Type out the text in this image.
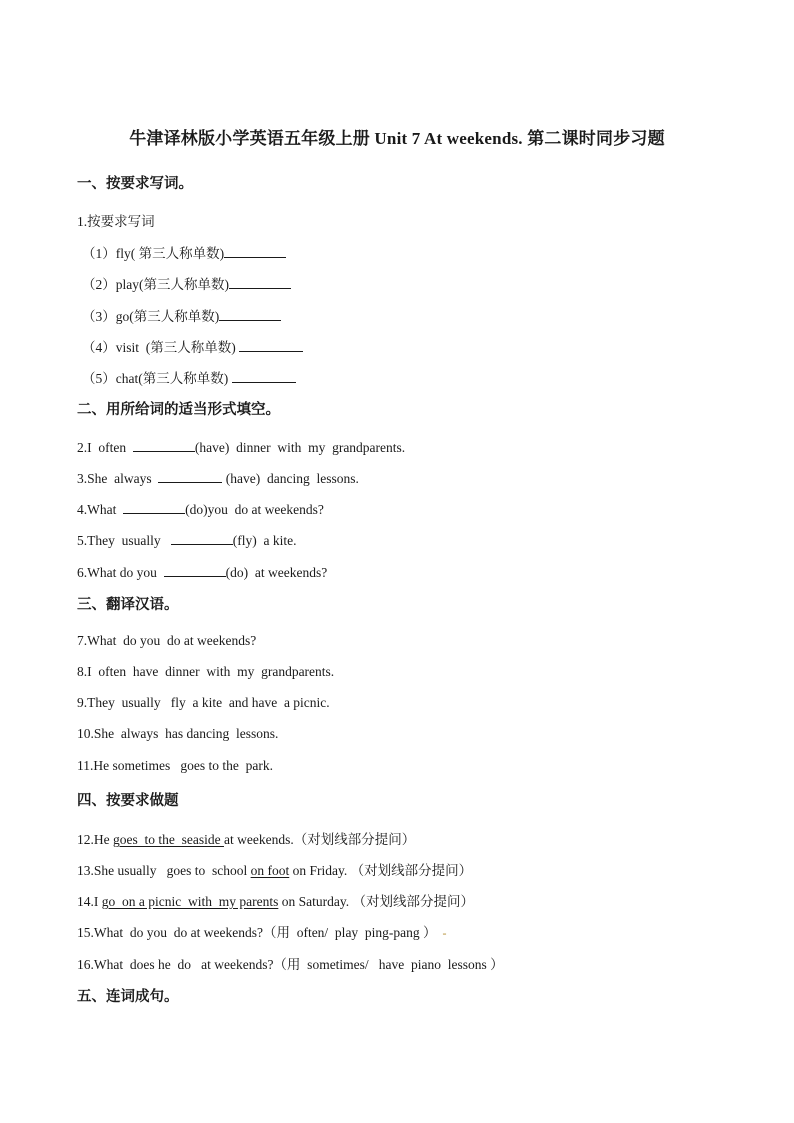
牛津译林版小学英语五年级上册 Unit 7 At weekends. 第二课时同步习题
一、按要求写词。
1.按要求写词
（1）fly( 第三人称单数)
（2）play(第三人称单数)
（3）go(第三人称单数)
（4）visit  (第三人称单数)
（5）chat(第三人称单数)
二、用所给词的适当形式填空。
2.I  often	(have)  dinner  with  my  grandparents.
3.She  always	(have)  dancing  lessons.
4.What	(do)you  do at weekends?
5.They  usually	(fly)  a kite.
6.What do you	(do)  at weekends?
三、翻译汉语。
7.What  do you  do at weekends?
8.I  often  have  dinner  with  my  grandparents.
9.They  usually   fly  a kite  and have  a picnic.
10.She  always  has dancing  lessons.
11.He sometimes   goes to the  park.
四、按要求做题
12.He goes  to the  seaside at weekends.（对划线部分提问）
13.She usually   goes to  school on foot on Friday. （对划线部分提问）
14.I go  on a picnic  with  my parents on Saturday. （对划线部分提问）
15.What  do you  do at weekends?（用  often/  play  ping-pang ）  -
16.What  does he  do   at weekends?（用  sometimes/   have  piano  lessons ）
五、连词成句。
